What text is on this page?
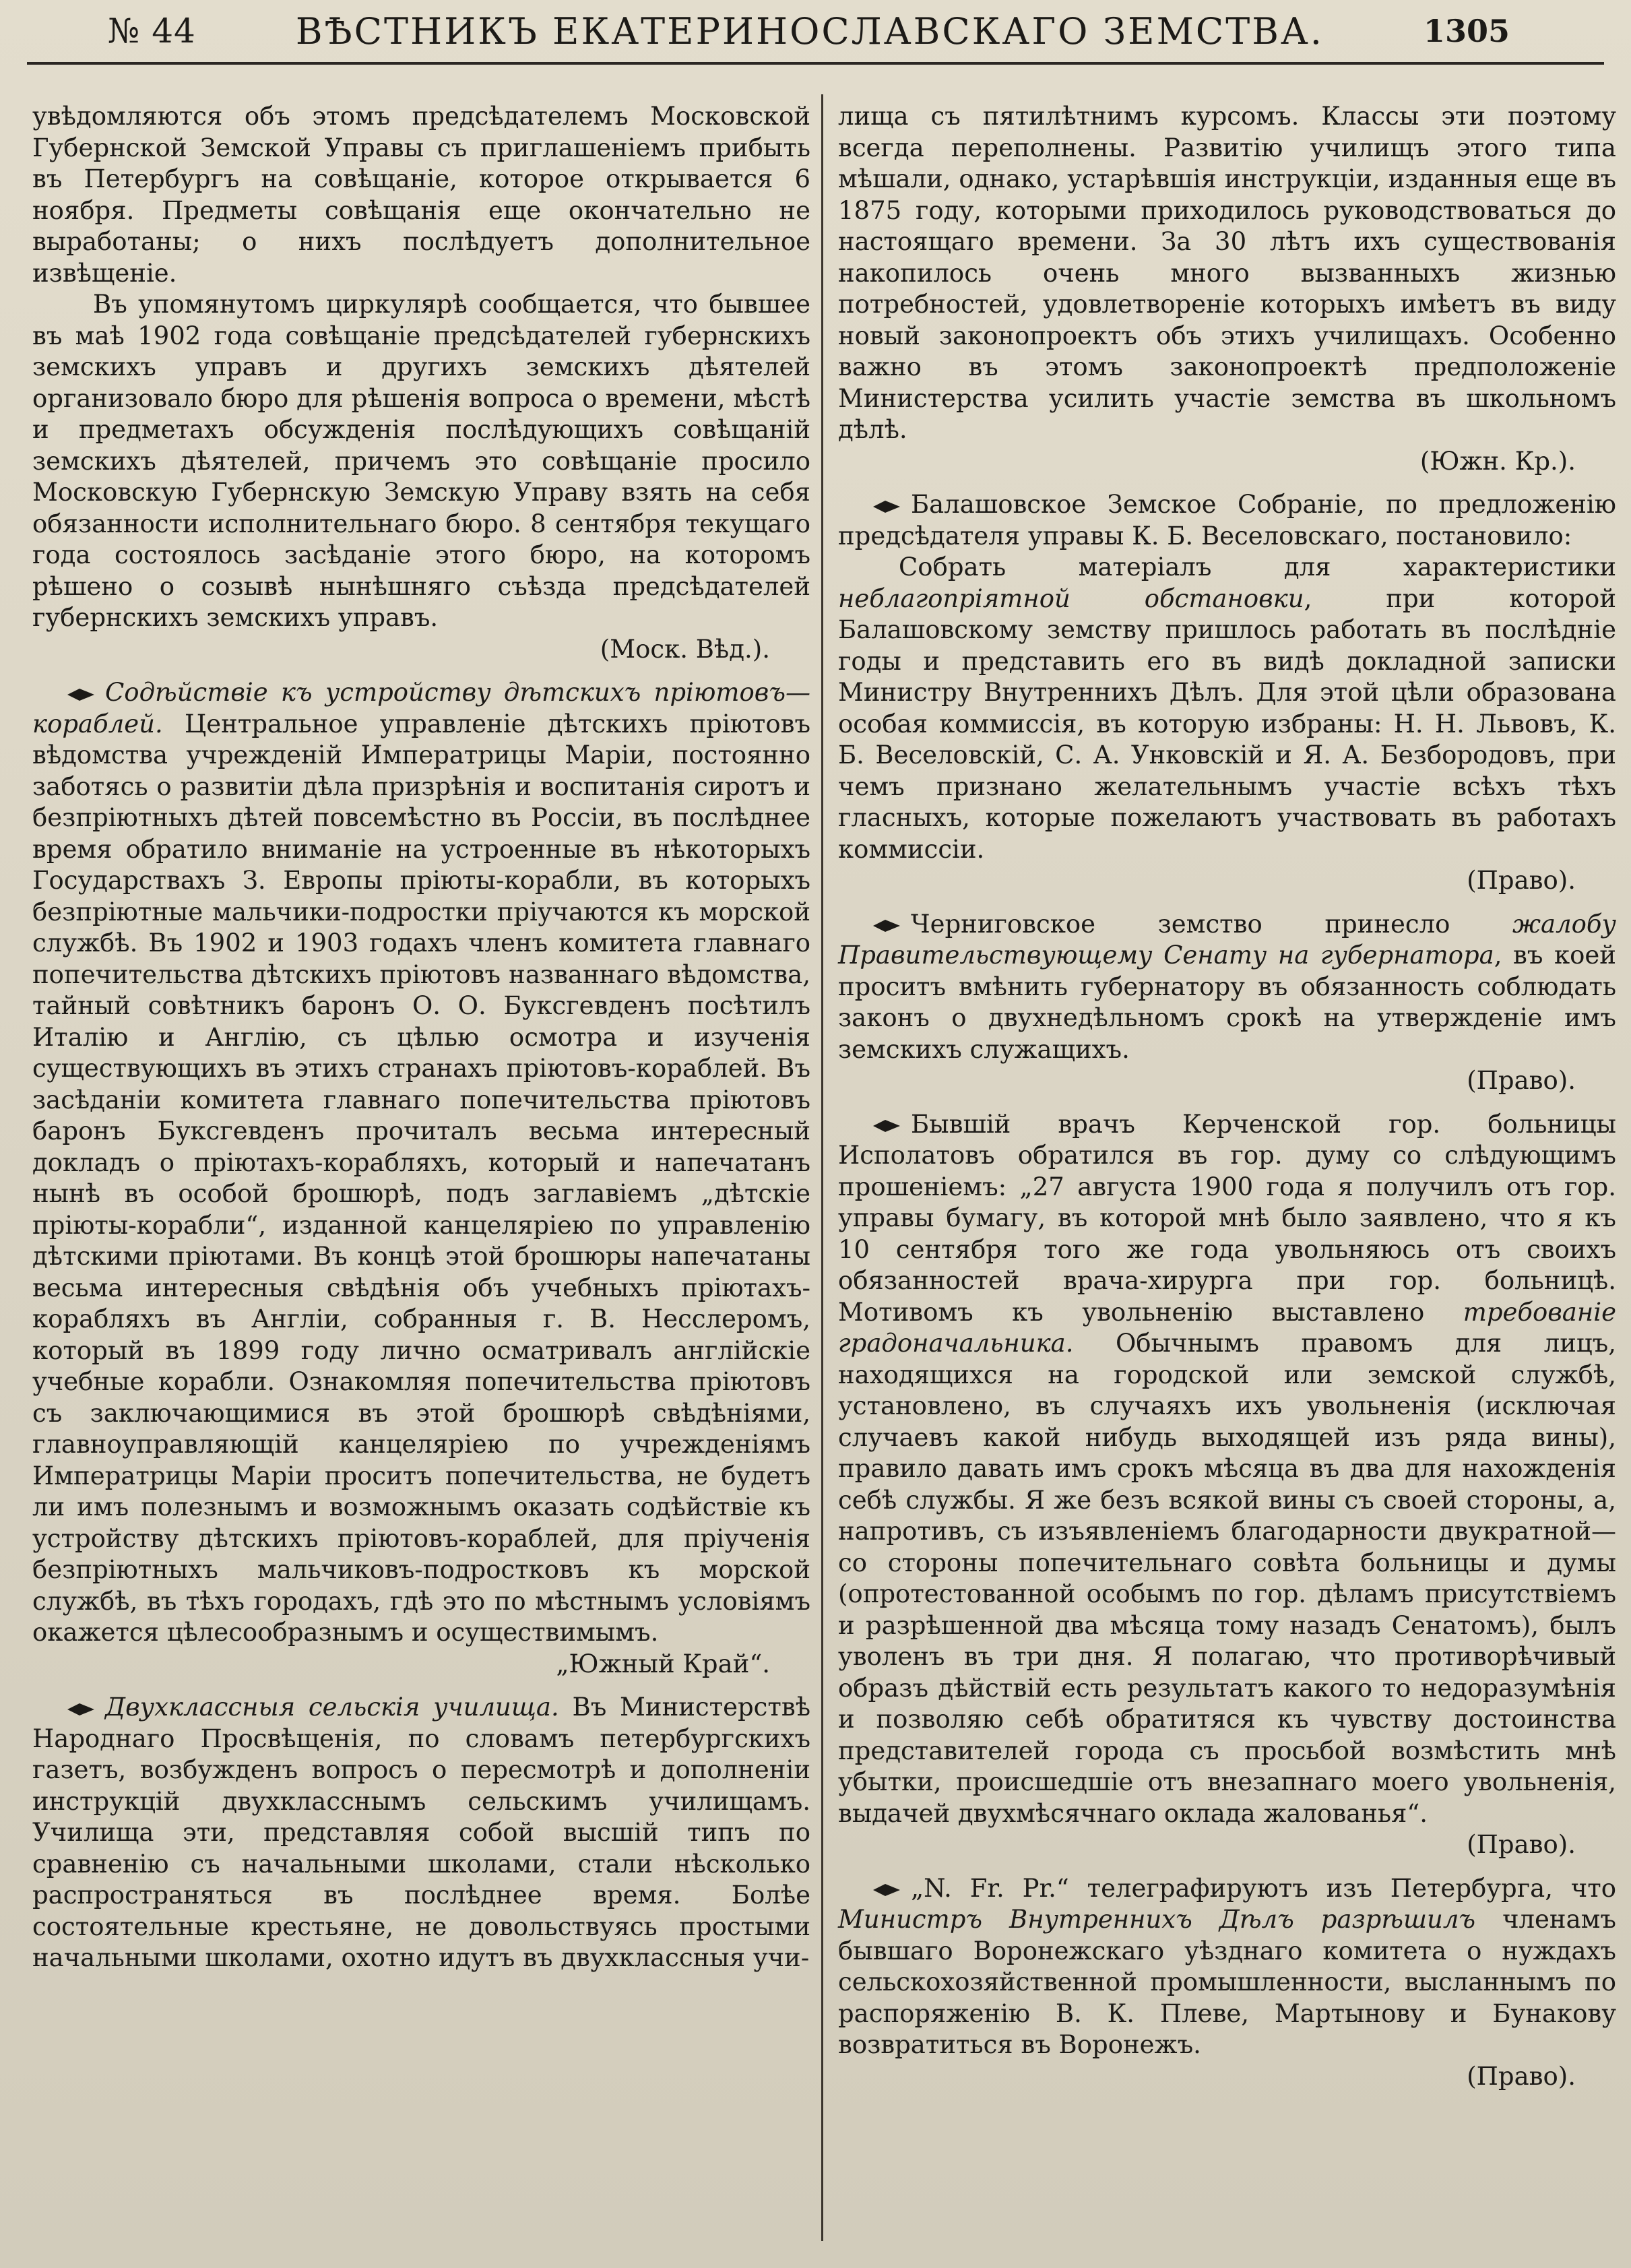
№ 44	ВѢСТНИКЪ ЕКАТЕРИНОСЛАВСКАГО ЗЕМСТВА.	1305

увѣдомляются объ этомъ предсѣдателемъ Московской Губернской Земской Управы съ приглашеніемъ прибыть въ Петербургъ на совѣщаніе, которое открывается 6 ноября. Предметы совѣщанія еще окончательно не выработаны; о нихъ послѣдуетъ дополнительное извѣщеніе.

Въ упомянутомъ циркулярѣ сообщается, что бывшее въ маѣ 1902 года совѣщаніе предсѣдателей губернскихъ земскихъ управъ и другихъ земскихъ дѣятелей организовало бюро для рѣшенія вопроса о времени, мѣстѣ и предметахъ обсужденія послѣдующихъ совѣщаній земскихъ дѣятелей, причемъ это совѣщаніе просило Московскую Губернскую Земскую Управу взять на себя обязанности исполнительнаго бюро. 8 сентября текущаго года состоялось засѣданіе этого бюро, на которомъ рѣшено о созывѣ нынѣшняго съѣзда предсѣдателей губернскихъ земскихъ управъ.
(Моск. Вѣд.).

Содѣйствіе къ устройству дѣтскихъ пріютовъ—кораблей. Центральное управленіе дѣтскихъ пріютовъ вѣдомства учрежденій Императрицы Маріи, постоянно заботясь о развитіи дѣла призрѣнія и воспитанія сиротъ и безпріютныхъ дѣтей повсемѣстно въ Россіи, въ послѣднее время обратило вниманіе на устроенные въ нѣкоторыхъ Государствахъ З. Европы пріюты-корабли, въ которыхъ безпріютные мальчики-подростки пріучаются къ морской службѣ. Въ 1902 и 1903 годахъ членъ комитета главнаго попечительства дѣтскихъ пріютовъ названнаго вѣдомства, тайный совѣтникъ баронъ О. О. Буксгевденъ посѣтилъ Италію и Англію, съ цѣлью осмотра и изученія существующихъ въ этихъ странахъ пріютовъ-кораблей. Въ засѣданіи комитета главнаго попечительства пріютовъ баронъ Буксгевденъ прочиталъ весьма интересный докладъ о пріютахъ-корабляхъ, который и напечатанъ нынѣ въ особой брошюрѣ, подъ заглавіемъ „дѣтскіе пріюты-корабли“, изданной канцеляріею по управленію дѣтскими пріютами. Въ концѣ этой брошюры напечатаны весьма интересныя свѣдѣнія объ учебныхъ пріютахъ-корабляхъ въ Англіи, собранныя г. В. Несслеромъ, который въ 1899 году лично осматривалъ англійскіе учебные корабли. Ознакомляя попечительства пріютовъ съ заключающимися въ этой брошюрѣ свѣдѣніями, главноуправляющій канцеляріею по учрежденіямъ Императрицы Маріи проситъ попечительства, не будетъ ли имъ полезнымъ и возможнымъ оказать содѣйствіе къ устройству дѣтскихъ пріютовъ-кораблей, для пріученія безпріютныхъ мальчиковъ-подростковъ къ морской службѣ, въ тѣхъ городахъ, гдѣ это по мѣстнымъ условіямъ окажется цѣлесообразнымъ и осуществимымъ.
„Южный Край“.

Двухклассныя сельскія училища. Въ Министерствѣ Народнаго Просвѣщенія, по словамъ петербургскихъ газетъ, возбужденъ вопросъ о пересмотрѣ и дополненіи инструкцій двухкласснымъ сельскимъ училищамъ. Училища эти, представляя собой высшій типъ по сравненію съ начальными школами, стали нѣсколько распространяться въ послѣднее время. Болѣе состоятельные крестьяне, не довольствуясь простыми начальными школами, охотно идутъ въ двухклассныя учи-

лища съ пятилѣтнимъ курсомъ. Классы эти поэтому всегда переполнены. Развитію училищъ этого типа мѣшали, однако, устарѣвшія инструкціи, изданныя еще въ 1875 году, которыми приходилось руководствоваться до настоящаго времени. За 30 лѣтъ ихъ существованія накопилось очень много вызванныхъ жизнью потребностей, удовлетвореніе которыхъ имѣетъ въ виду новый законопроектъ объ этихъ училищахъ. Особенно важно въ этомъ законопроектѣ предположеніе Министерства усилить участіе земства въ школьномъ дѣлѣ.
(Южн. Кр.).

Балашовское Земское Собраніе, по предложенію предсѣдателя управы К. Б. Веселовскаго, постановило:

Собрать матеріалъ для характеристики неблагопріятной обстановки, при которой Балашовскому земству пришлось работать въ послѣдніе годы и представить его въ видѣ докладной записки Министру Внутреннихъ Дѣлъ. Для этой цѣли образована особая коммиссія, въ которую избраны: Н. Н. Львовъ, К. Б. Веселовскій, С. А. Унковскій и Я. А. Безбородовъ, при чемъ признано желательнымъ участіе всѣхъ тѣхъ гласныхъ, которые пожелаютъ участвовать въ работахъ коммиссіи.
(Право).

Черниговское земство принесло жалобу Правительствующему Сенату на губернатора, въ коей проситъ вмѣнить губернатору въ обязанность соблюдать законъ о двухнедѣльномъ срокѣ на утвержденіе имъ земскихъ служащихъ.
(Право).

Бывшій врачъ Керченской гор. больницы Исполатовъ обратился въ гор. думу со слѣдующимъ прошеніемъ: „27 августа 1900 года я получилъ отъ гор. управы бумагу, въ которой мнѣ было заявлено, что я къ 10 сентября того же года увольняюсь отъ своихъ обязанностей врача-хирурга при гор. больницѣ. Мотивомъ къ увольненію выставлено требованіе градоначальника. Обычнымъ правомъ для лицъ, находящихся на городской или земской службѣ, установлено, въ случаяхъ ихъ увольненія (исключая случаевъ какой нибудь выходящей изъ ряда вины), правило давать имъ срокъ мѣсяца въ два для нахожденія себѣ службы. Я же безъ всякой вины съ своей стороны, а, напротивъ, съ изъявленіемъ благодарности двукратной—со стороны попечительнаго совѣта больницы и думы (опротестованной особымъ по гор. дѣламъ присутствіемъ и разрѣшенной два мѣсяца тому назадъ Сенатомъ), былъ уволенъ въ три дня. Я полагаю, что противорѣчивый образъ дѣйствій есть результатъ какого то недоразумѣнія и позволяю себѣ обратитяся къ чувству достоинства представителей города съ просьбой возмѣстить мнѣ убытки, происшедшіе отъ внезапнаго моего увольненія, выдачей двухмѣсячнаго оклада жалованья“.
(Право).

„N. Fr. Pr.“ телеграфируютъ изъ Петербурга, что Министръ Внутреннихъ Дѣлъ разрѣшилъ членамъ бывшаго Воронежскаго уѣзднаго комитета о нуждахъ сельскохозяйственной промышленности, высланнымъ по распоряженію В. К. Плеве, Мартынову и Бунакову возвратиться въ Воронежъ.
(Право).
